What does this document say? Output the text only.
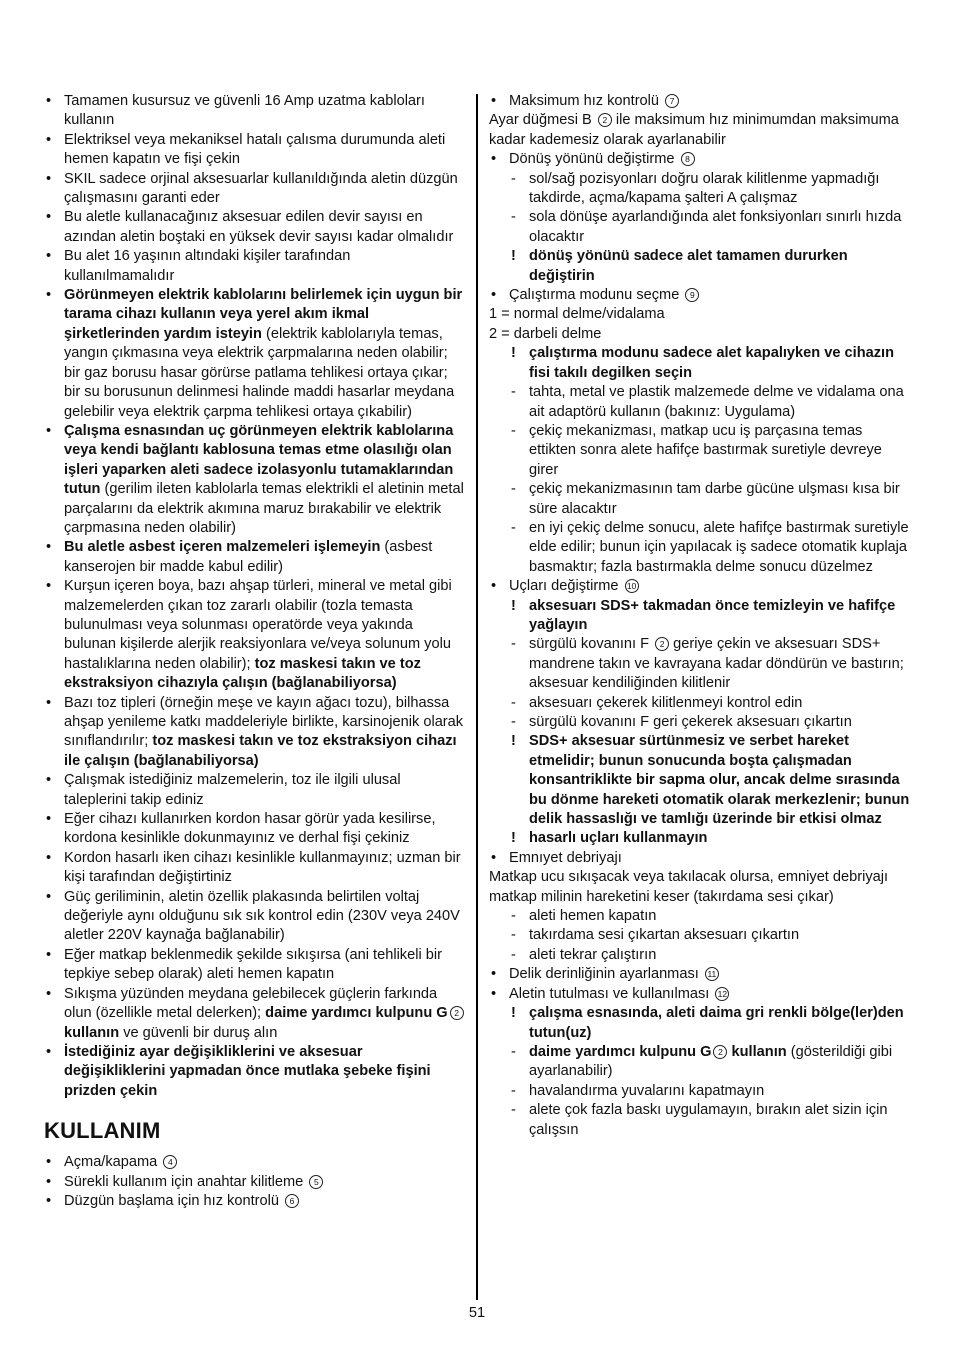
• Tamamen kusursuz ve güvenli 16 Amp uzatma kabloları kullanın

• Elektriksel veya mekaniksel hatalı çalısma durumunda aleti hemen kapatın ve fişi çekin

• SKIL sadece orjinal aksesuarlar kullanıldığında aletin düzgün çalışmasını garanti eder

• Bu aletle kullanacağınız aksesuar edilen devir sayısı en azından aletin boştaki en yüksek devir sayısı kadar olmalıdır

• Bu alet 16 yaşının altındaki kişiler tarafından kullanılmamalıdır

• Görünmeyen elektrik kablolarını belirlemek için uygun bir tarama cihazı kullanın veya yerel akım ikmal şirketlerinden yardım isteyin (elektrik kablolarıyla temas, yangın çıkmasına veya elektrik çarpmalarına neden olabilir; bir gaz borusu hasar görürse patlama tehlikesi ortaya çıkar; bir su borusunun delinmesi halinde maddi hasarlar meydana gelebilir veya elektrik çarpma tehlikesi ortaya çıkabilir)

• Çalışma esnasından uç görünmeyen elektrik kablolarına veya kendi bağlantı kablosuna temas etme olasılığı olan işleri yaparken aleti sadece izolasyonlu tutamaklarından tutun (gerilim ileten kablolarla temas elektrikli el aletinin metal parçalarını da elektrik akımına maruz bırakabilir ve elektrik çarpmasına neden olabilir)

• Bu aletle asbest içeren malzemeleri işlemeyin (asbest kanserojen bir madde kabul edilir)

• Kurşun içeren boya, bazı ahşap türleri, mineral ve metal gibi malzemelerden çıkan toz zararlı olabilir (tozla temasta bulunulması veya solunması operatörde veya yakında bulunan kişilerde alerjik reaksiyonlara ve/veya solunum yolu hastalıklarına neden olabilir); toz maskesi takın ve toz ekstraksiyon cihazıyla çalışın (bağlanabiliyorsa)

• Bazı toz tipleri (örneğin meşe ve kayın ağacı tozu), bilhassa ahşap yenileme katkı maddeleriyle birlikte, karsinojenik olarak sınıflandırılır; toz maskesi takın ve toz ekstraksiyon cihazı ile çalışın (bağlanabiliyorsa)

• Çalışmak istediğiniz malzemelerin, toz ile ilgili ulusal taleplerini takip ediniz

• Eğer cihazı kullanırken kordon hasar görür yada kesilirse, kordona kesinlikle dokunmayınız ve derhal fişi çekiniz

• Kordon hasarlı iken cihazı kesinlikle kullanmayınız; uzman bir kişi tarafından değiştirtiniz

• Güç geriliminin, aletin özellik plakasında belirtilen voltaj değeriyle aynı olduğunu sık sık kontrol edin (230V veya 240V aletler 220V kaynağa bağlanabilir)

• Eğer matkap beklenmedik şekilde sıkışırsa (ani tehlikeli bir tepkiye sebep olarak) aleti hemen kapatın

• Sıkışma yüzünden meydana gelebilecek güçlerin farkında olun (özellikle metal delerken); daime yardımcı kulpunu G 2 kullanın ve güvenli bir duruş alın

• İstediğiniz ayar değişikliklerini ve aksesuar değişikliklerini yapmadan önce mutlaka şebeke fişini prizden çekin

KULLANIM

• Açma/kapama 4

• Sürekli kullanım için anahtar kilitleme 5

• Düzgün başlama için hız kontrolü 6

• Maksimum hız kontrolü 7

Ayar düğmesi B 2 ile maksimum hız minimumdan maksimuma kadar kademesiz olarak ayarlanabilir

• Dönüş yönünü değiştirme 8

- sol/sağ pozisyonları doğru olarak kilitlenme yapmadığı takdirde, açma/kapama şalteri A çalışmaz

- sola dönüşe ayarlandığında alet fonksiyonları sınırlı hızda olacaktır

! dönüş yönünü sadece alet tamamen dururken değiştirin

• Çalıştırma modunu seçme 9

1 = normal delme/vidalama

2 = darbeli delme

! çalıştırma modunu sadece alet kapalıyken ve cihazın fisi takılı degilken seçin

- tahta, metal ve plastik malzemede delme ve vidalama ona ait adaptörü kullanın (bakınız: Uygulama)

- çekiç mekanizması, matkap ucu iş parçasına temas ettikten sonra alete hafifçe bastırmak suretiyle devreye girer

- çekiç mekanizmasının tam darbe gücüne ulşması kısa bir süre alacaktır

- en iyi çekiç delme sonucu, alete hafifçe bastırmak suretiyle elde edilir; bunun için yapılacak iş sadece otomatik kuplaja basmaktır; fazla bastırmakla delme sonucu düzelmez

• Uçları değiştirme 10

! aksesuarı SDS+ takmadan önce temizleyin ve hafifçe yağlayın

- sürgülü kovanını F 2 geriye çekin ve aksesuarı SDS+ mandrene takın ve kavrayana kadar döndürün ve bastırın; aksesuar kendiliğinden kilitlenir

- aksesuarı çekerek kilitlenmeyi kontrol edin

- sürgülü kovanını F geri çekerek aksesuarı çıkartın

! SDS+ aksesuar sürtünmesiz ve serbet hareket etmelidir; bunun sonucunda boşta çalışmadan konsantriklikte bir sapma olur, ancak delme sırasında bu dönme hareketi otomatik olarak merkezlenir; bunun delik hassaslığı ve tamlığı üzerinde bir etkisi olmaz

! hasarlı uçları kullanmayın

• Emnıyet debriyajı

Matkap ucu sıkışacak veya takılacak olursa, emniyet debriyajı matkap milinin hareketini keser (takırdama sesi çıkar)

- aleti hemen kapatın

- takırdama sesi çıkartan aksesuarı çıkartın

- aleti tekrar çalıştırın

• Delik derinliğinin ayarlanması 11

• Aletin tutulması ve kullanılması 12

! çalışma esnasında, aleti daima gri renkli bölge(ler)den tutun(uz)

- daime yardımcı kulpunu G 2 kullanın (gösterildiği gibi ayarlanabilir)

- havalandırma yuvalarını kapatmayın

- alete çok fazla baskı uygulamayın, bırakın alet sizin için çalışsın

51
